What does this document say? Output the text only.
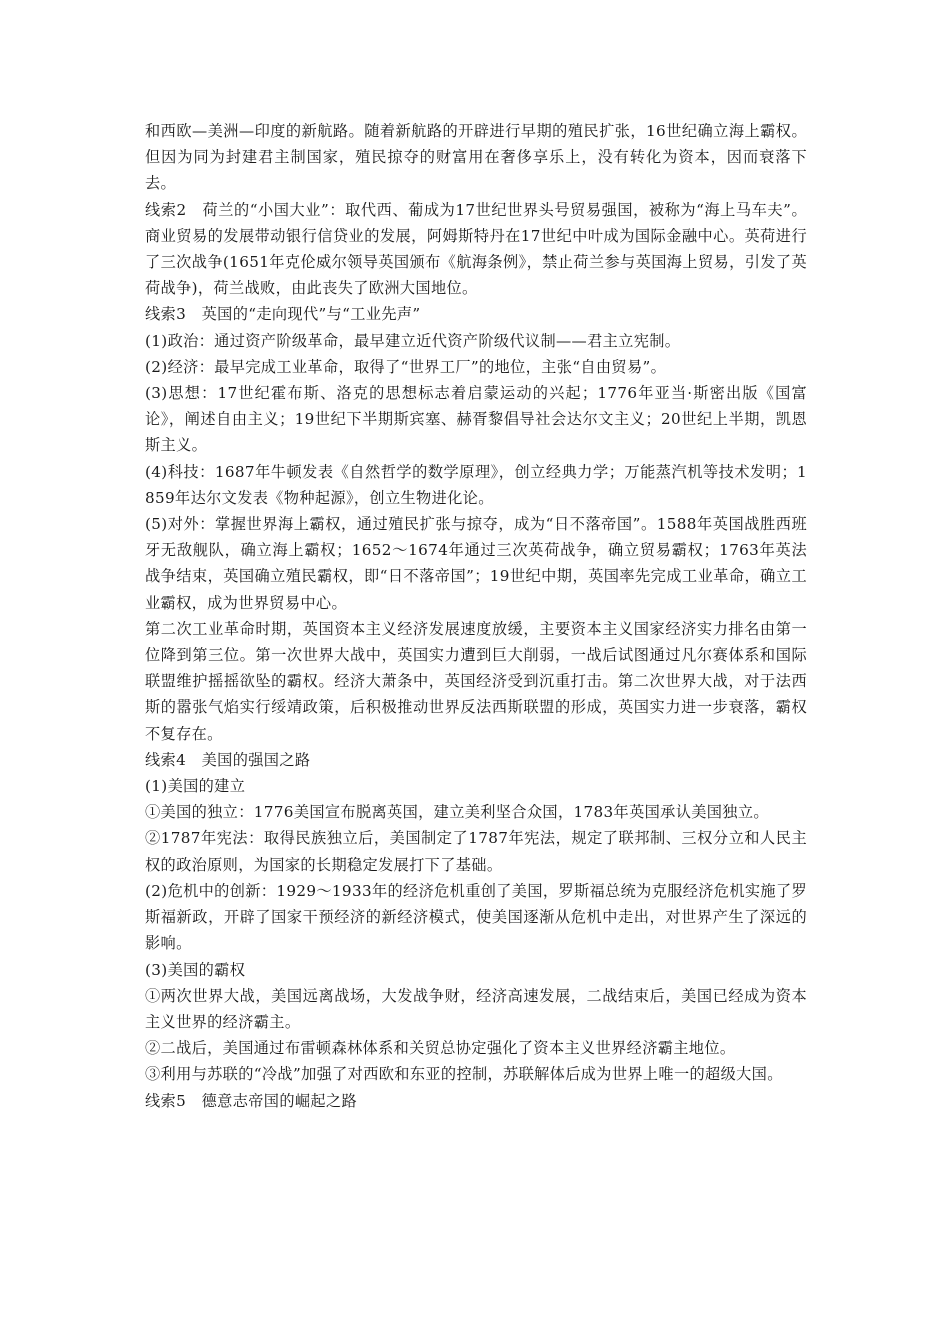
和西欧—美洲—印度的新航路。随着新航路的开辟进行早期的殖民扩张，16世纪确立海上霸权。但因为同为封建君主制国家，殖民掠夺的财富用在奢侈享乐上，没有转化为资本，因而衰落下去。

线索2　荷兰的“小国大业”：取代西、葡成为17世纪世界头号贸易强国，被称为“海上马车夫”。商业贸易的发展带动银行信贷业的发展，阿姆斯特丹在17世纪中叶成为国际金融中心。英荷进行了三次战争(1651年克伦威尔领导英国颁布《航海条例》，禁止荷兰参与英国海上贸易，引发了英荷战争)，荷兰战败，由此丧失了欧洲大国地位。

线索3　英国的“走向现代”与“工业先声”

(1)政治：通过资产阶级革命，最早建立近代资产阶级代议制——君主立宪制。

(2)经济：最早完成工业革命，取得了“世界工厂”的地位，主张“自由贸易”。

(3)思想：17世纪霍布斯、洛克的思想标志着启蒙运动的兴起；1776年亚当·斯密出版《国富论》，阐述自由主义；19世纪下半期斯宾塞、赫胥黎倡导社会达尔文主义；20世纪上半期，凯恩斯主义。

(4)科技：1687年牛顿发表《自然哲学的数学原理》，创立经典力学；万能蒸汽机等技术发明；1859年达尔文发表《物种起源》，创立生物进化论。

(5)对外：掌握世界海上霸权，通过殖民扩张与掠夺，成为“日不落帝国”。1588年英国战胜西班牙无敌舰队，确立海上霸权；1652～1674年通过三次英荷战争，确立贸易霸权；1763年英法战争结束，英国确立殖民霸权，即“日不落帝国”；19世纪中期，英国率先完成工业革命，确立工业霸权，成为世界贸易中心。

第二次工业革命时期，英国资本主义经济发展速度放缓，主要资本主义国家经济实力排名由第一位降到第三位。第一次世界大战中，英国实力遭到巨大削弱，一战后试图通过凡尔赛体系和国际联盟维护摇摇欲坠的霸权。经济大萧条中，英国经济受到沉重打击。第二次世界大战，对于法西斯的嚣张气焰实行绥靖政策，后积极推动世界反法西斯联盟的形成，英国实力进一步衰落，霸权不复存在。

线索4　美国的强国之路

(1)美国的建立

①美国的独立：1776美国宣布脱离英国，建立美利坚合众国，1783年英国承认美国独立。

②1787年宪法：取得民族独立后，美国制定了1787年宪法，规定了联邦制、三权分立和人民主权的政治原则，为国家的长期稳定发展打下了基础。

(2)危机中的创新：1929～1933年的经济危机重创了美国，罗斯福总统为克服经济危机实施了罗斯福新政，开辟了国家干预经济的新经济模式，使美国逐渐从危机中走出，对世界产生了深远的影响。

(3)美国的霸权

①两次世界大战，美国远离战场，大发战争财，经济高速发展，二战结束后，美国已经成为资本主义世界的经济霸主。

②二战后，美国通过布雷顿森林体系和关贸总协定强化了资本主义世界经济霸主地位。

③利用与苏联的“冷战”加强了对西欧和东亚的控制，苏联解体后成为世界上唯一的超级大国。

线索5　德意志帝国的崛起之路
